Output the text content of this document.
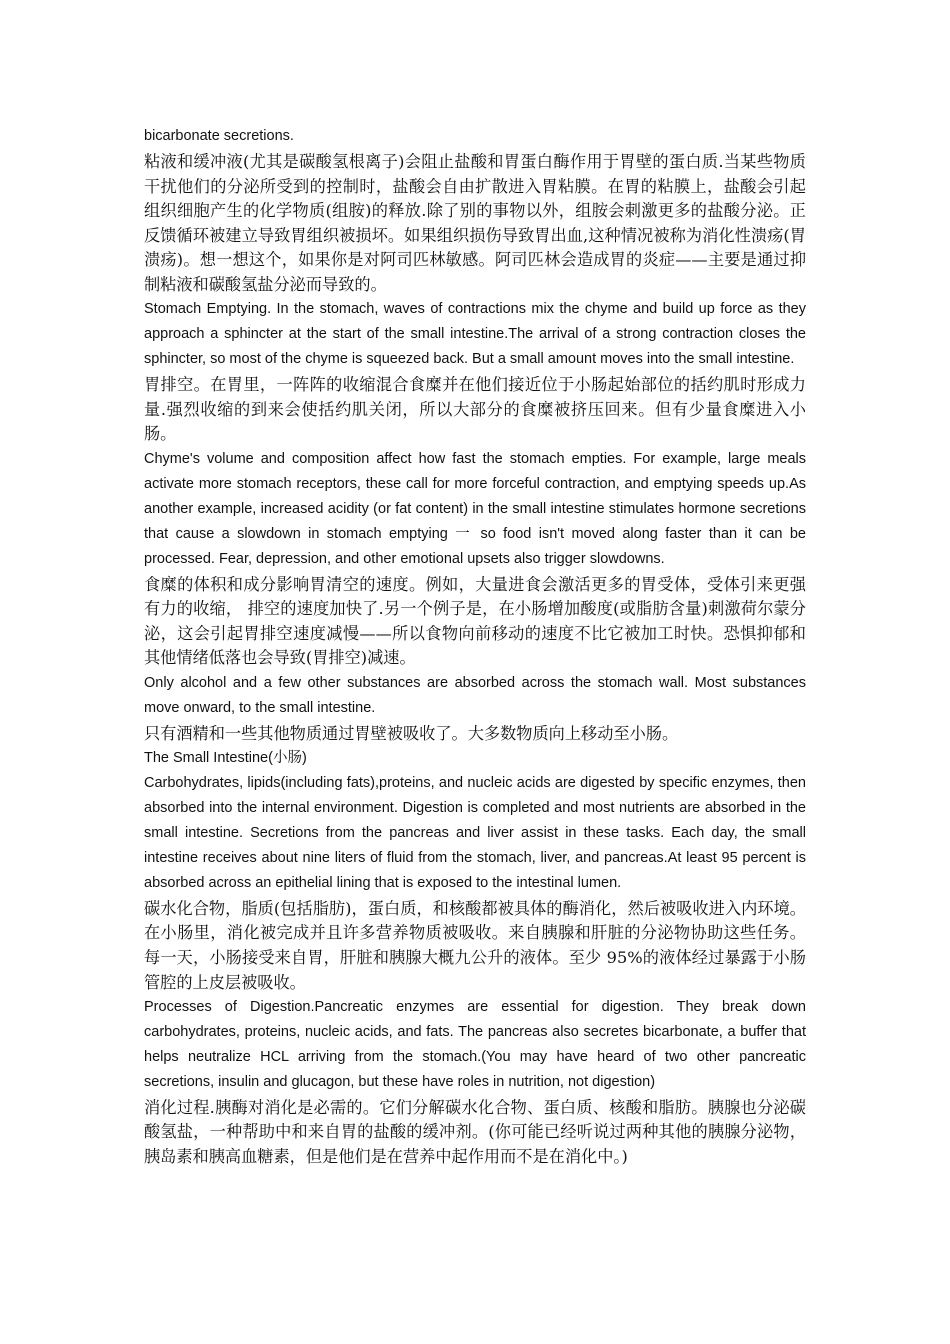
bicarbonate secretions.

粘液和缓冲液(尤其是碳酸氢根离子)会阻止盐酸和胃蛋白酶作用于胃壁的蛋白质.当某些物质干扰他们的分泌所受到的控制时，盐酸会自由扩散进入胃粘膜。在胃的粘膜上，盐酸会引起组织细胞产生的化学物质(组胺)的释放.除了别的事物以外，组胺会刺激更多的盐酸分泌。正反馈循环被建立导致胃组织被损坏。如果组织损伤导致胃出血,这种情况被称为消化性溃疡(胃溃疡)。想一想这个，如果你是对阿司匹林敏感。阿司匹林会造成胃的炎症——主要是通过抑制粘液和碳酸氢盐分泌而导致的。

Stomach Emptying. In the stomach, waves of contractions mix the chyme and build up force as they approach a sphincter at the start of the small intestine.The arrival of a strong contraction closes the sphincter, so most of the chyme is squeezed back. But a small amount moves into the small intestine.

胃排空。在胃里，一阵阵的收缩混合食糜并在他们接近位于小肠起始部位的括约肌时形成力量.强烈收缩的到来会使括约肌关闭，所以大部分的食糜被挤压回来。但有少量食糜进入小肠。

Chyme's volume and composition affect how fast the stomach empties. For example, large meals activate more stomach receptors, these call for more forceful contraction, and emptying speeds up.As another example, increased acidity (or fat content) in the small intestine stimulates hormone secretions that cause a slowdown in stomach emptying 一 so food isn't moved along faster than it can be processed. Fear, depression, and other emotional upsets also trigger slowdowns.

食糜的体积和成分影响胃清空的速度。例如，大量进食会激活更多的胃受体，受体引来更强有力的收缩， 排空的速度加快了.另一个例子是，在小肠增加酸度(或脂肪含量)刺激荷尔蒙分泌，这会引起胃排空速度减慢——所以食物向前移动的速度不比它被加工时快。恐惧抑郁和其他情绪低落也会导致(胃排空)减速。

Only alcohol and a few other substances are absorbed across the stomach wall. Most substances move onward, to the small intestine.

只有酒精和一些其他物质通过胃壁被吸收了。大多数物质向上移动至小肠。

The Small Intestine(小肠)

Carbohydrates, lipids(including fats),proteins, and nucleic acids are digested by specific enzymes, then absorbed into the internal environment. Digestion is completed and most nutrients are absorbed in the small intestine. Secretions from the pancreas and liver assist in these tasks. Each day, the small intestine receives about nine liters of fluid from the stomach, liver, and pancreas.At least 95 percent is absorbed across an epithelial lining that is exposed to the intestinal lumen.

碳水化合物，脂质(包括脂肪)，蛋白质，和核酸都被具体的酶消化，然后被吸收进入内环境。在小肠里，消化被完成并且许多营养物质被吸收。来自胰腺和肝脏的分泌物协助这些任务。每一天，小肠接受来自胃，肝脏和胰腺大概九公升的液体。至少 95%的液体经过暴露于小肠管腔的上皮层被吸收。

Processes of Digestion.Pancreatic enzymes are essential for digestion. They break down carbohydrates, proteins, nucleic acids, and fats. The pancreas also secretes bicarbonate, a buffer that helps neutralize HCL arriving from the stomach.(You may have heard of two other pancreatic secretions, insulin and glucagon, but these have roles in nutrition, not digestion)

消化过程.胰酶对消化是必需的。它们分解碳水化合物、蛋白质、核酸和脂肪。胰腺也分泌碳酸氢盐，一种帮助中和来自胃的盐酸的缓冲剂。(你可能已经听说过两种其他的胰腺分泌物，胰岛素和胰高血糖素，但是他们是在营养中起作用而不是在消化中。)
